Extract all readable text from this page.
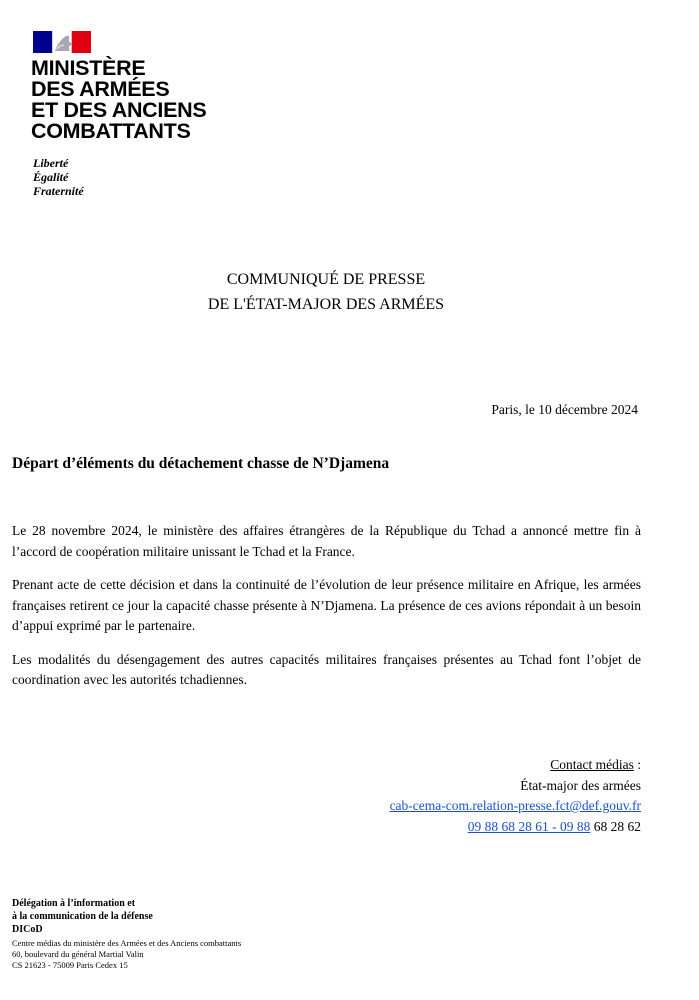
MINISTÈRE
DES ARMÉES
ET DES ANCIENS
COMBATTANTS
Liberté
Égalité
Fraternité
COMMUNIQUÉ DE PRESSE
DE L'ÉTAT-MAJOR DES ARMÉES
Paris, le 10 décembre 2024
Départ d’éléments du détachement chasse de N’Djamena

Le 28 novembre 2024, le ministère des affaires étrangères de la République du Tchad a annoncé mettre fin à l’accord de coopération militaire unissant le Tchad et la France.

Prenant acte de cette décision et dans la continuité de l’évolution de leur présence militaire en Afrique, les armées françaises retirent ce jour la capacité chasse présente à N’Djamena. La présence de ces avions répondait à un besoin d’appui exprimé par le partenaire.

Les modalités du désengagement des autres capacités militaires françaises présentes au Tchad font l’objet de coordination avec les autorités tchadiennes.

Contact médias :
État-major des armées
cab-cema-com.relation-presse.fct@def.gouv.fr
09 88 68 28 61 - 09 88 68 28 62
Délégation à l’information et
à la communication de la défense
DICoD
Centre médias du ministère des Armées et des Anciens combattants
60, boulevard du général Martial Valin
CS 21623 - 75009 Paris Cedex 15
